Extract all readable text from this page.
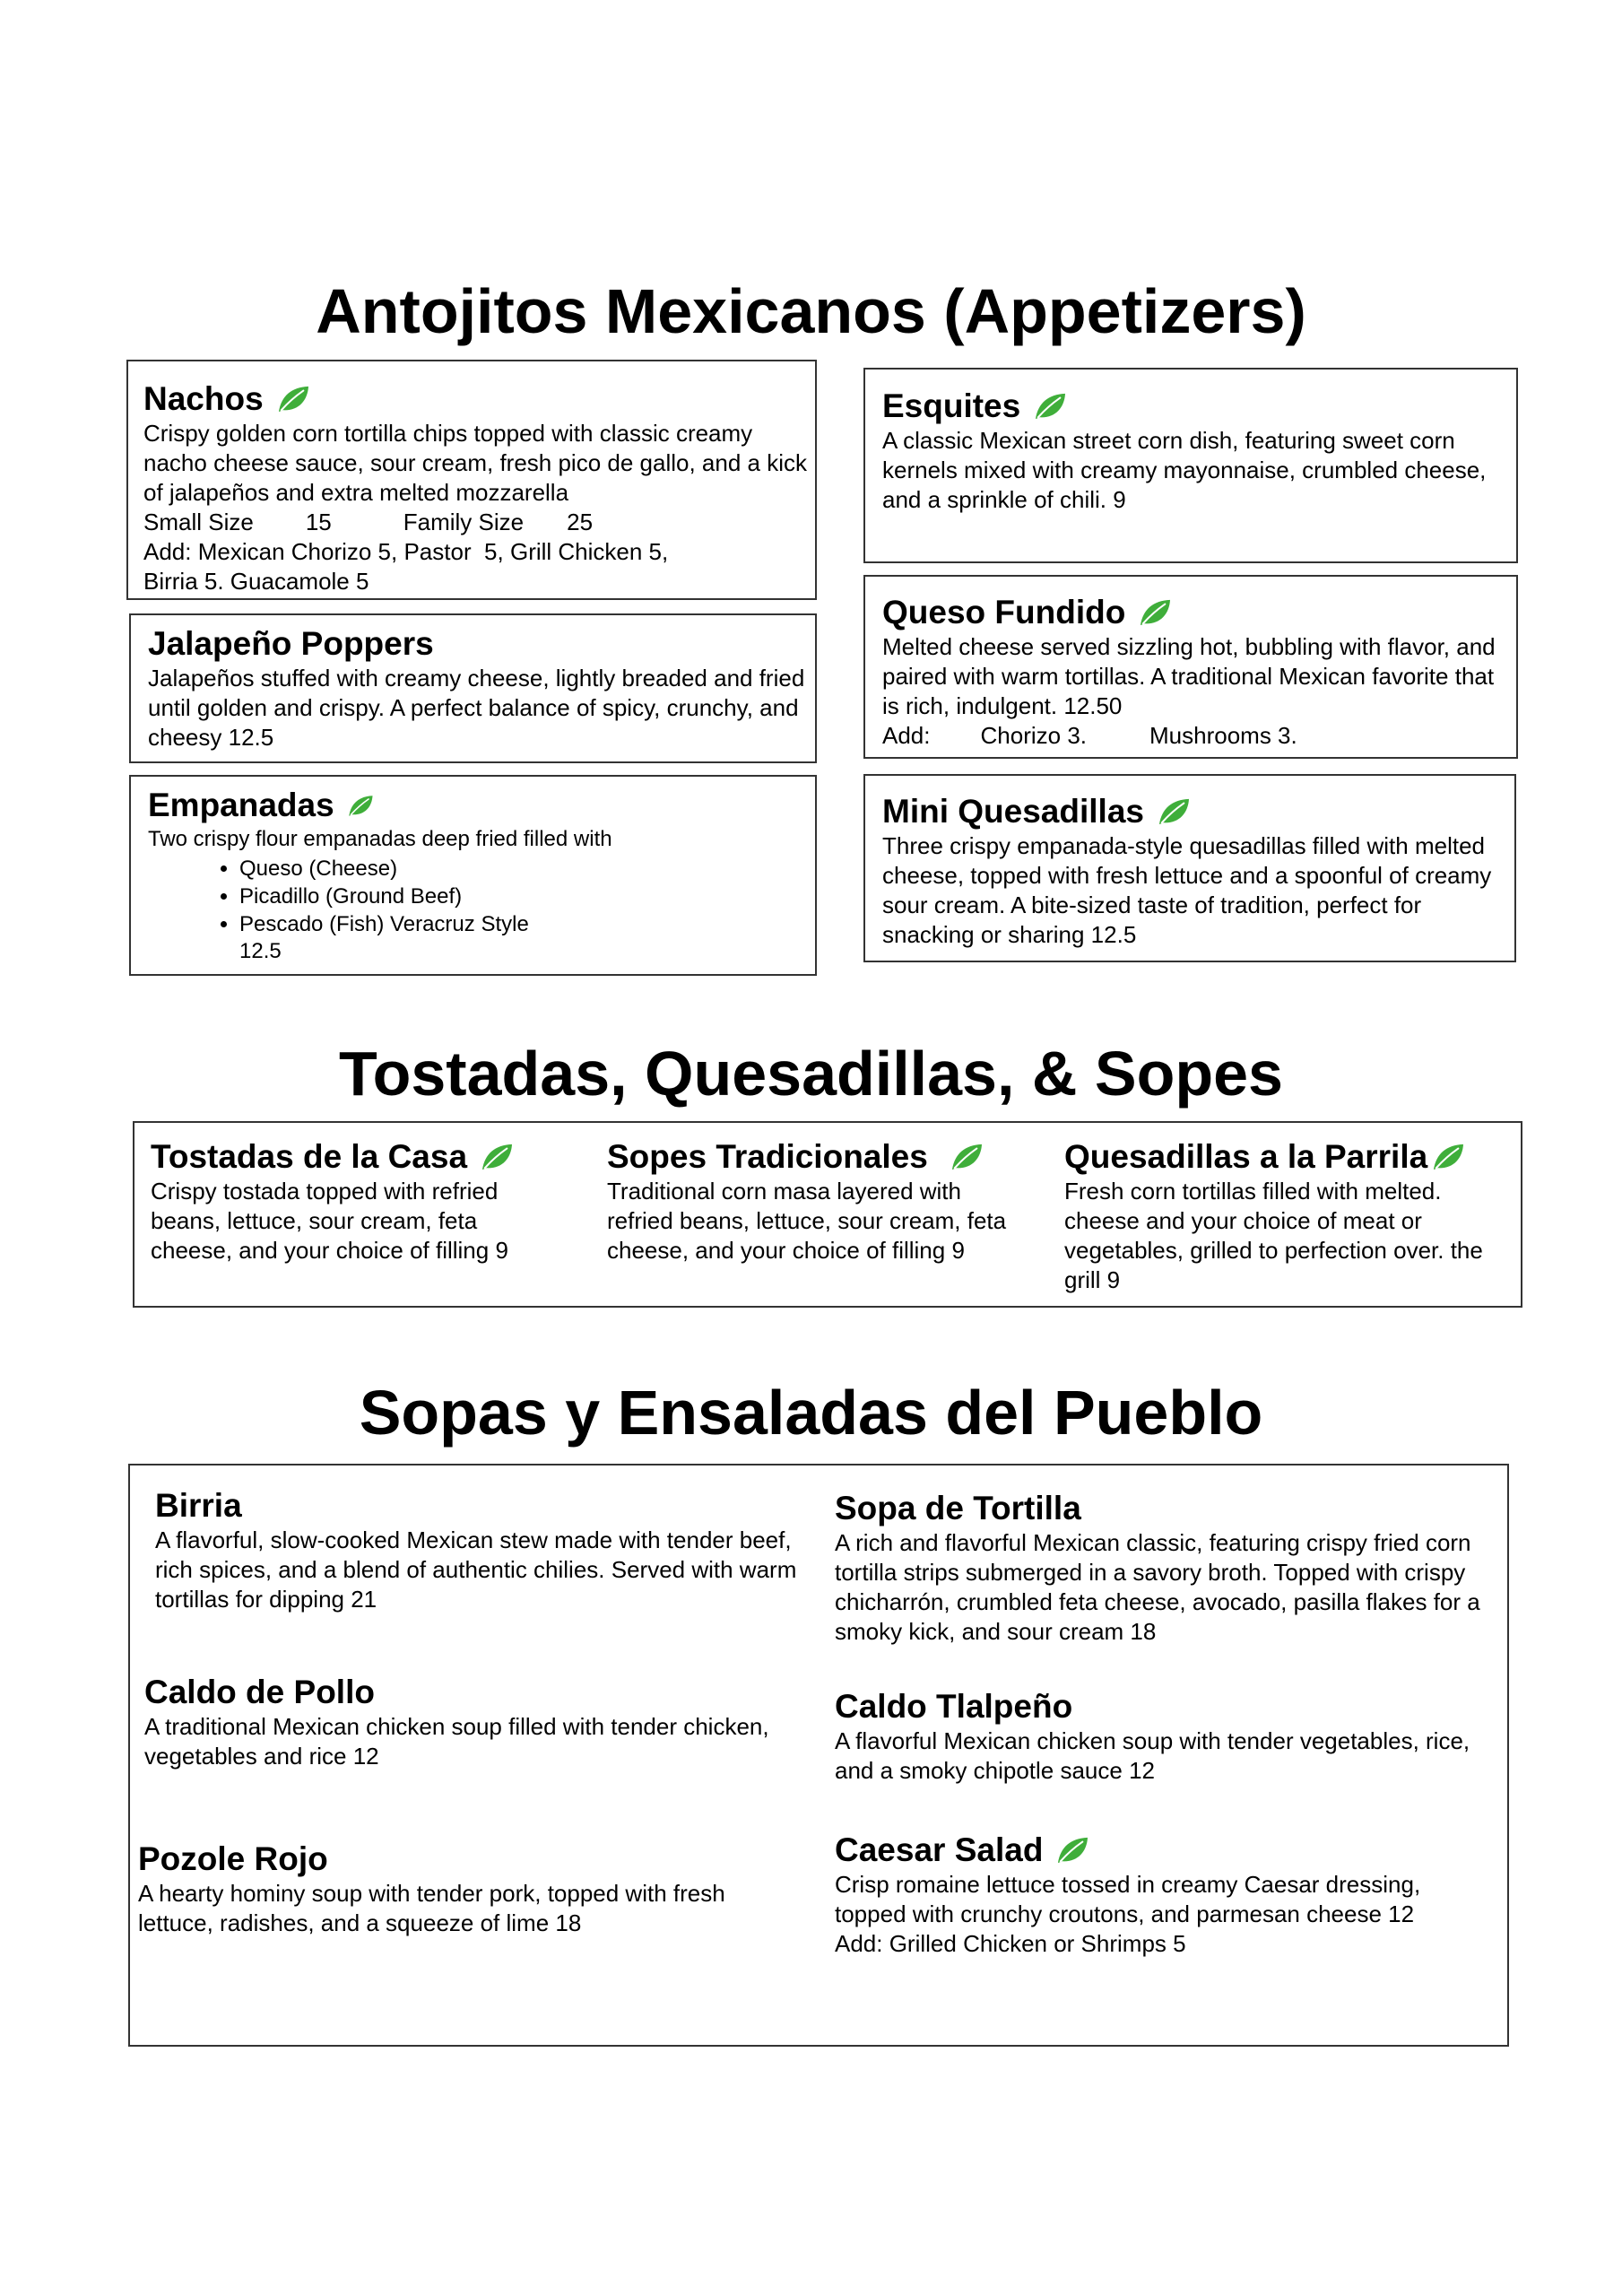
Antojitos Mexicanos (Appetizers)
Nachos

Crispy golden corn tortilla chips topped with classic creamy nacho cheese sauce, sour cream, fresh pico de gallo, and a kick of jalapeños and extra melted mozzarella

Small Size 15	Family Size 25
Add: Mexican Chorizo 5, Pastor  5, Grill Chicken 5,
Birria 5. Guacamole 5
Jalapeño Poppers

Jalapeños stuffed with creamy cheese, lightly breaded and fried until golden and crispy. A perfect balance of spicy, crunchy, and cheesy 12.5

Empanadas
Two crispy flour empanadas deep fried filled with
• Queso (Cheese)
• Picadillo (Ground Beef)
• Pescado (Fish) Veracruz Style
12.5
Esquites

A classic Mexican street corn dish, featuring sweet corn kernels mixed with creamy mayonnaise, crumbled cheese, and a sprinkle of chili. 9

Queso Fundido

Melted cheese served sizzling hot, bubbling with flavor, and paired with warm tortillas. A traditional Mexican favorite that is rich, indulgent. 12.50

Add: Chorizo 3.	Mushrooms 3.
Mini Quesadillas

Three crispy empanada-style quesadillas filled with melted cheese, topped with fresh lettuce and a spoonful of creamy sour cream. A bite-sized taste of tradition, perfect for snacking or sharing 12.5

Tostadas, Quesadillas, & Sopes
Tostadas de la Casa

Crispy tostada topped with refried beans, lettuce, sour cream, feta cheese, and your choice of filling 9

Sopes Tradicionales

Traditional corn masa layered with refried beans, lettuce, sour cream, feta cheese, and your choice of filling 9

Quesadillas a la Parrila

Fresh corn tortillas filled with melted. cheese and your choice of meat or vegetables, grilled to perfection over. the grill 9

Sopas y Ensaladas del Pueblo
Birria

A flavorful, slow-cooked Mexican stew made with tender beef, rich spices, and a blend of authentic chilies. Served with warm tortillas for dipping 21

Caldo de Pollo

A traditional Mexican chicken soup filled with tender chicken, vegetables and rice 12

Pozole Rojo

A hearty hominy soup with tender pork, topped with fresh lettuce, radishes, and a squeeze of lime 18

Sopa de Tortilla

A rich and flavorful Mexican classic, featuring crispy fried corn tortilla strips submerged in a savory broth. Topped with crispy chicharrón, crumbled feta cheese, avocado, pasilla flakes for a smoky kick, and sour cream 18

Caldo Tlalpeño

A flavorful Mexican chicken soup with tender vegetables, rice, and a smoky chipotle sauce 12

Caesar Salad

Crisp romaine lettuce tossed in creamy Caesar dressing, topped with crunchy croutons, and parmesan cheese 12

Add: Grilled Chicken or Shrimps 5
